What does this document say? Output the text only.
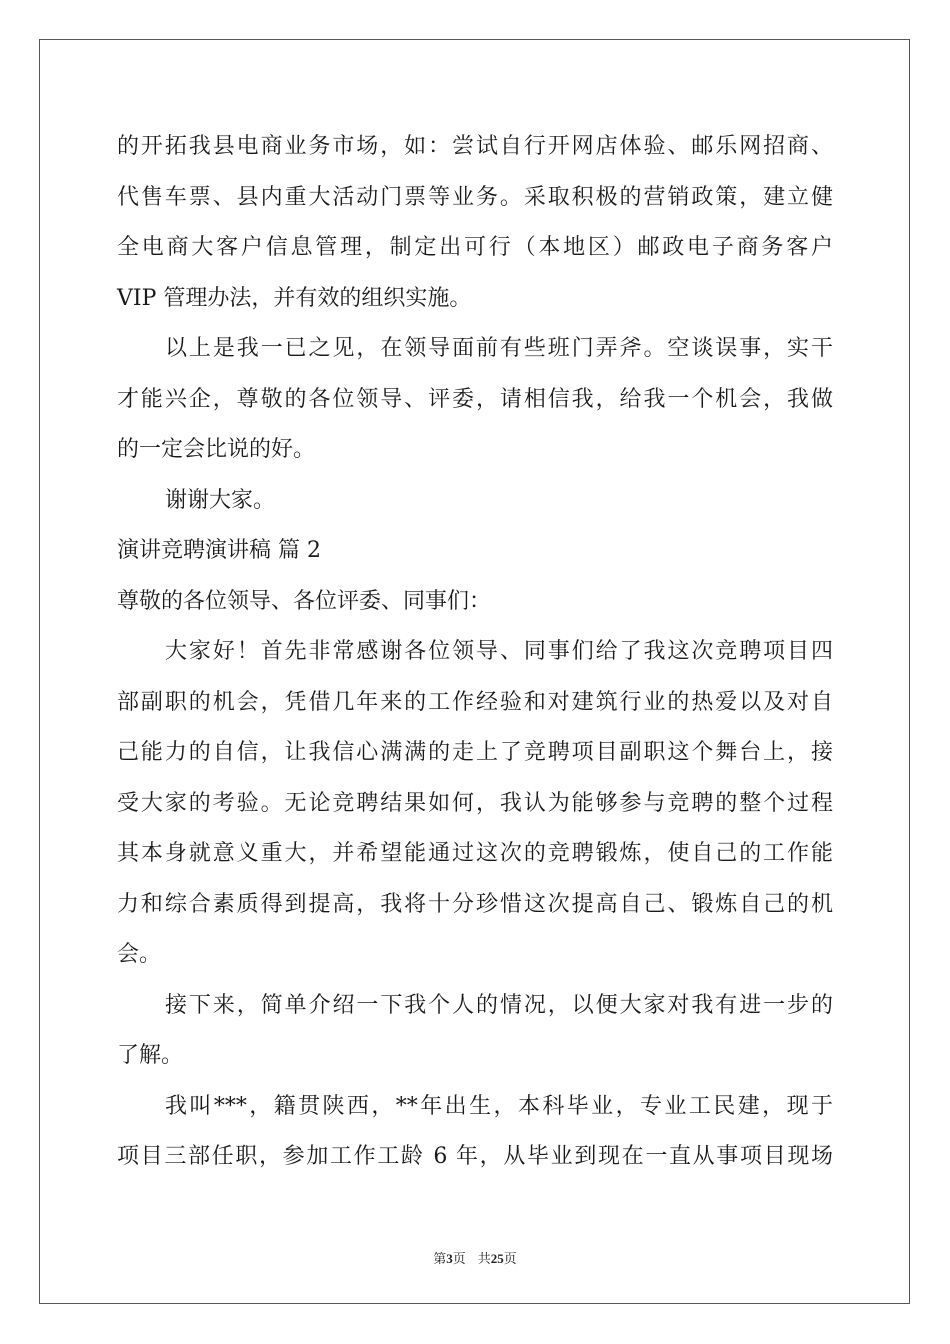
的开拓我县电商业务市场，如：尝试自行开网店体验、邮乐网招商、
代售车票、县内重大活动门票等业务。采取积极的营销政策，建立健
全电商大客户信息管理，制定出可行（本地区）邮政电子商务客户
VIP 管理办法，并有效的组织实施。
以上是我一已之见，在领导面前有些班门弄斧。空谈误事，实干
才能兴企，尊敬的各位领导、评委，请相信我，给我一个机会，我做
的一定会比说的好。
谢谢大家。
演讲竞聘演讲稿 篇 2
尊敬的各位领导、各位评委、同事们：
大家好！首先非常感谢各位领导、同事们给了我这次竞聘项目四
部副职的机会，凭借几年来的工作经验和对建筑行业的热爱以及对自
己能力的自信，让我信心满满的走上了竞聘项目副职这个舞台上，接
受大家的考验。无论竞聘结果如何，我认为能够参与竞聘的整个过程
其本身就意义重大，并希望能通过这次的竞聘锻炼，使自己的工作能
力和综合素质得到提高，我将十分珍惜这次提高自己、锻炼自己的机
会。
接下来，简单介绍一下我个人的情况，以便大家对我有进一步的
了解。
我叫***，籍贯陕西，**年出生，本科毕业，专业工民建，现于
项目三部任职，参加工作工龄 6 年，从毕业到现在一直从事项目现场
第3页 共25页
